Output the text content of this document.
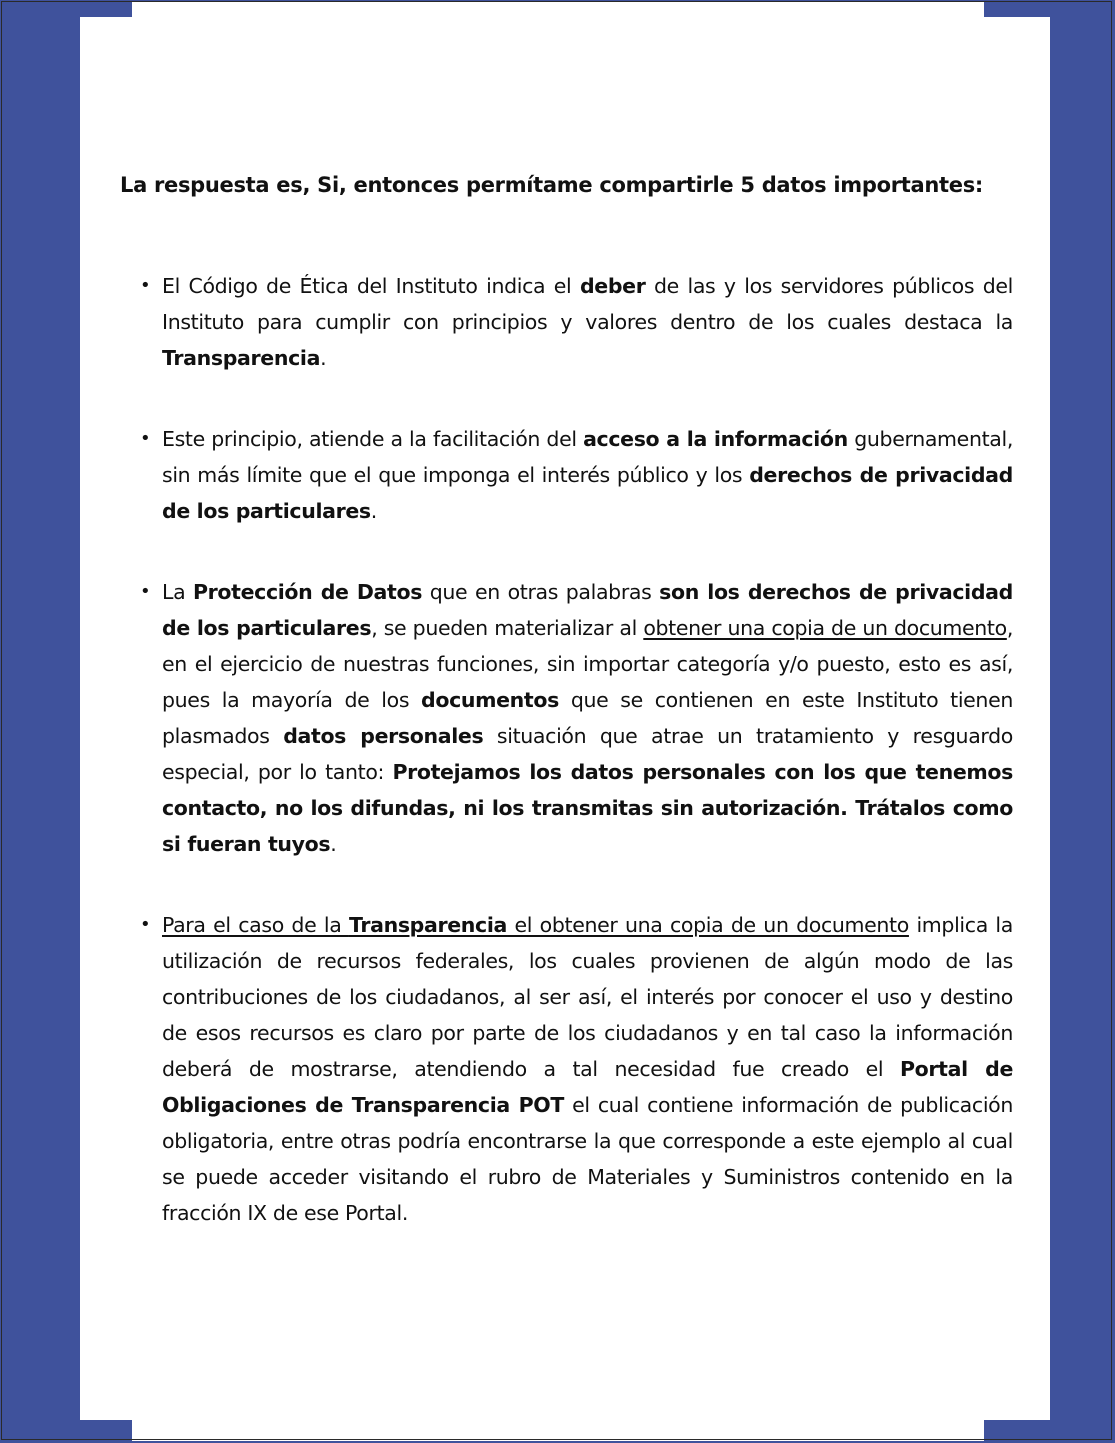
La respuesta es, Si, entonces permítame compartirle 5 datos importantes:

• El Código de Ética del Instituto indica el deber de las y los servidores públicos del Instituto para cumplir con principios y valores dentro de los cuales destaca la Transparencia.
• Este principio, atiende a la facilitación del acceso a la información gubernamental, sin más límite que el que imponga el interés público y los derechos de privacidad de los particulares.
• La Protección de Datos que en otras palabras son los derechos de privacidad de los particulares, se pueden materializar al obtener una copia de un documento, en el ejercicio de nuestras funciones, sin importar categoría y/o puesto, esto es así, pues la mayoría de los documentos que se contienen en este Instituto tienen plasmados datos personales situación que atrae un tratamiento y resguardo especial, por lo tanto: Protejamos los datos personales con los que tenemos contacto, no los difundas, ni los transmitas sin autorización. Trátalos como si fueran tuyos.
• Para el caso de la Transparencia el obtener una copia de un documento implica la utilización de recursos federales, los cuales provienen de algún modo de las contribuciones de los ciudadanos, al ser así, el interés por conocer el uso y destino de esos recursos es claro por parte de los ciudadanos y en tal caso la información deberá de mostrarse, atendiendo a tal necesidad fue creado el Portal de Obligaciones de Transparencia POT el cual contiene información de publicación obligatoria, entre otras podría encontrarse la que corresponde a este ejemplo al cual se puede acceder visitando el rubro de Materiales y Suministros contenido en la fracción IX de ese Portal.
